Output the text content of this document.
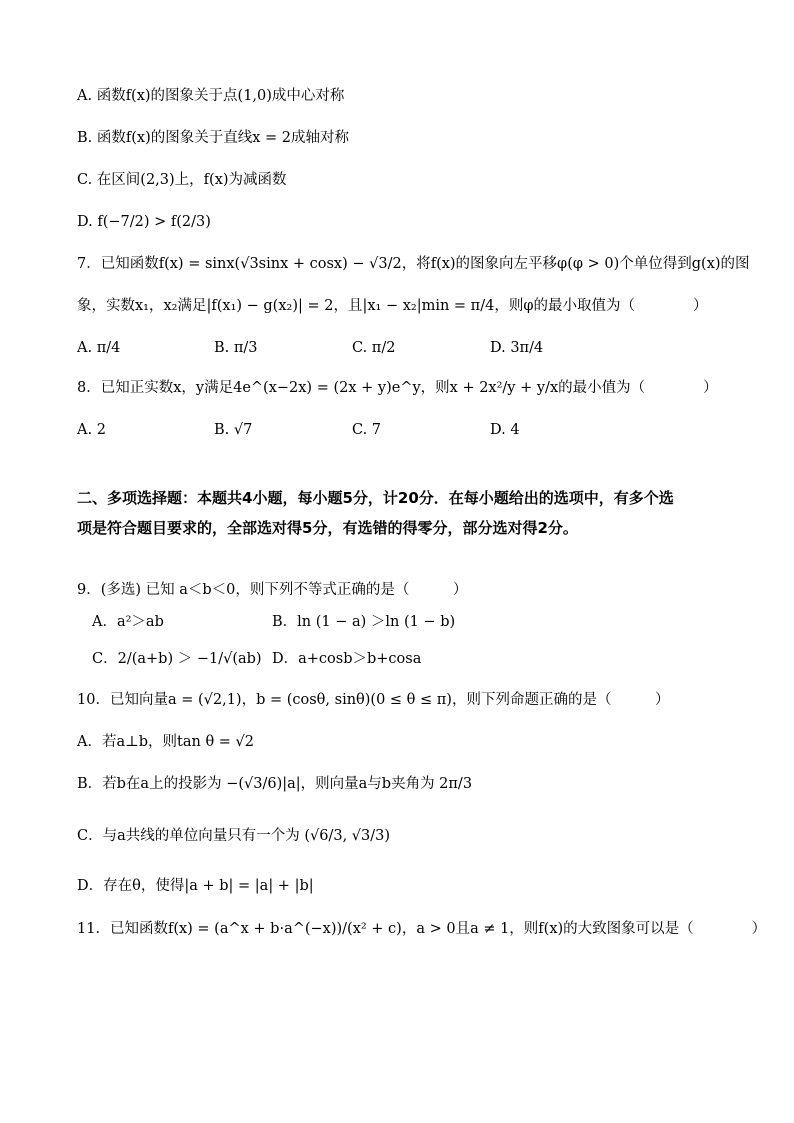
A. 函数f(x)的图象关于点(1,0)成中心对称
B. 函数f(x)的图象关于直线x = 2成轴对称
C. 在区间(2,3)上，f(x)为减函数
D. f(−7/2) > f(2/3)
7．已知函数f(x) = sinx(√3sinx + cosx) − √3/2，将f(x)的图象向左平移φ(φ > 0)个单位得到g(x)的图
象，实数x₁，x₂满足|f(x₁) − g(x₂)| = 2，且|x₁ − x₂|min = π/4，则φ的最小取值为（　　　　）
A. π/4	B. π/3	C. π/2	D. 3π/4
8．已知正实数x，y满足4e^(x−2x) = (2x + y)e^y，则x + 2x²/y + y/x的最小值为（　　　　）
A. 2	B. √7	C. 7	D. 4
二、多项选择题：本题共4小题，每小题5分，计20分．在每小题给出的选项中，有多个选
项是符合题目要求的，全部选对得5分，有选错的得零分，部分选对得2分。
9．(多选) 已知 a＜b＜0，则下列不等式正确的是（　　　）
A．a²＞ab	B．ln (1 − a) ＞ln (1 − b)
C．2/(a+b) ＞ −1/√(ab) D．a+cosb＞b+cosa
10．已知向量a = (√2,1)，b = (cosθ, sinθ)(0 ≤ θ ≤ π)，则下列命题正确的是（　　　）
A．若a⊥b，则tan θ = √2
B．若b在a上的投影为 −(√3/6)|a|，则向量a与b夹角为 2π/3
C．与a共线的单位向量只有一个为 (√6/3, √3/3)
D．存在θ，使得|a + b| = |a| + |b|
11．已知函数f(x) = (a^x + b·a^(−x))/(x² + c)，a > 0且a ≠ 1，则f(x)的大致图象可以是（　　　　）
